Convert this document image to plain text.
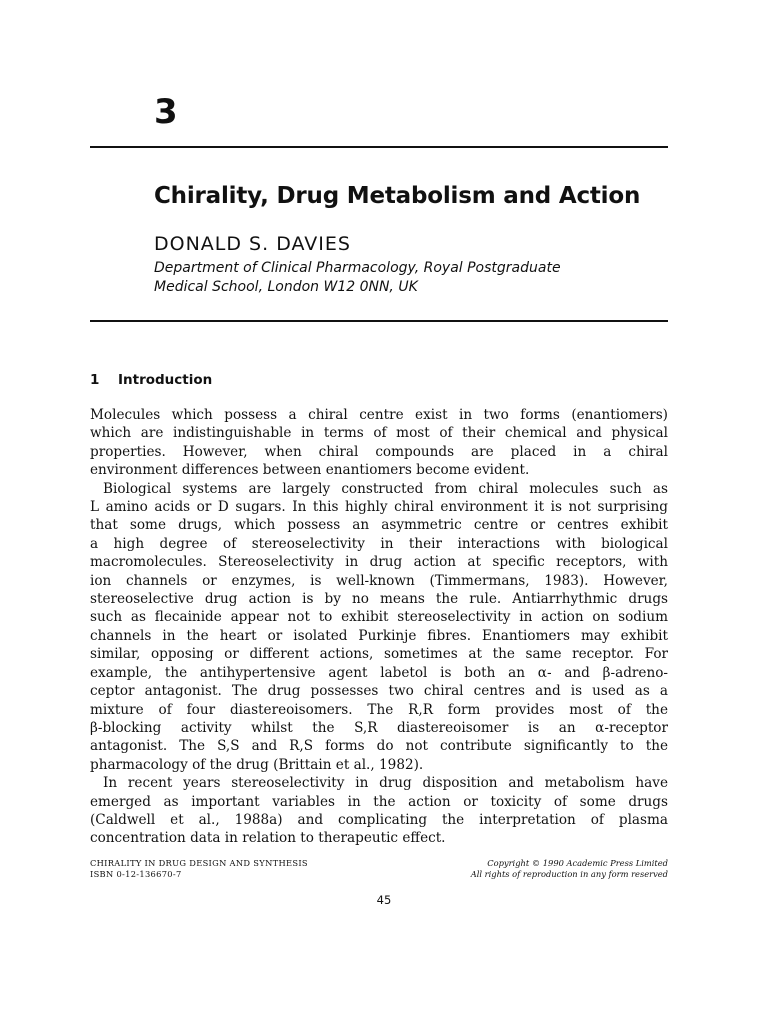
3
Chirality, Drug Metabolism and Action
DONALD S. DAVIES
Department of Clinical Pharmacology, Royal Postgraduate
Medical School, London W12 0NN, UK
1 Introduction
Molecules which possess a chiral centre exist in two forms (enantiomers)
which are indistinguishable in terms of most of their chemical and physical
properties. However, when chiral compounds are placed in a chiral
environment differences between enantiomers become evident.
Biological systems are largely constructed from chiral molecules such as
L amino acids or D sugars. In this highly chiral environment it is not surprising
that some drugs, which possess an asymmetric centre or centres exhibit
a high degree of stereoselectivity in their interactions with biological
macromolecules. Stereoselectivity in drug action at specific receptors, with
ion channels or enzymes, is well-known (Timmermans, 1983). However,
stereoselective drug action is by no means the rule. Antiarrhythmic drugs
such as flecainide appear not to exhibit stereoselectivity in action on sodium
channels in the heart or isolated Purkinje fibres. Enantiomers may exhibit
similar, opposing or different actions, sometimes at the same receptor. For
example, the antihypertensive agent labetol is both an α- and β-adreno-
ceptor antagonist. The drug possesses two chiral centres and is used as a
mixture of four diastereoisomers. The R,R form provides most of the
β-blocking activity whilst the S,R diastereoisomer is an α-receptor
antagonist. The S,S and R,S forms do not contribute significantly to the
pharmacology of the drug (Brittain et al., 1982).
In recent years stereoselectivity in drug disposition and metabolism have
emerged as important variables in the action or toxicity of some drugs
(Caldwell et al., 1988a) and complicating the interpretation of plasma
concentration data in relation to therapeutic effect.
CHIRALITY IN DRUG DESIGN AND SYNTHESIS
ISBN 0-12-136670-7
Copyright © 1990 Academic Press Limited
All rights of reproduction in any form reserved
45
